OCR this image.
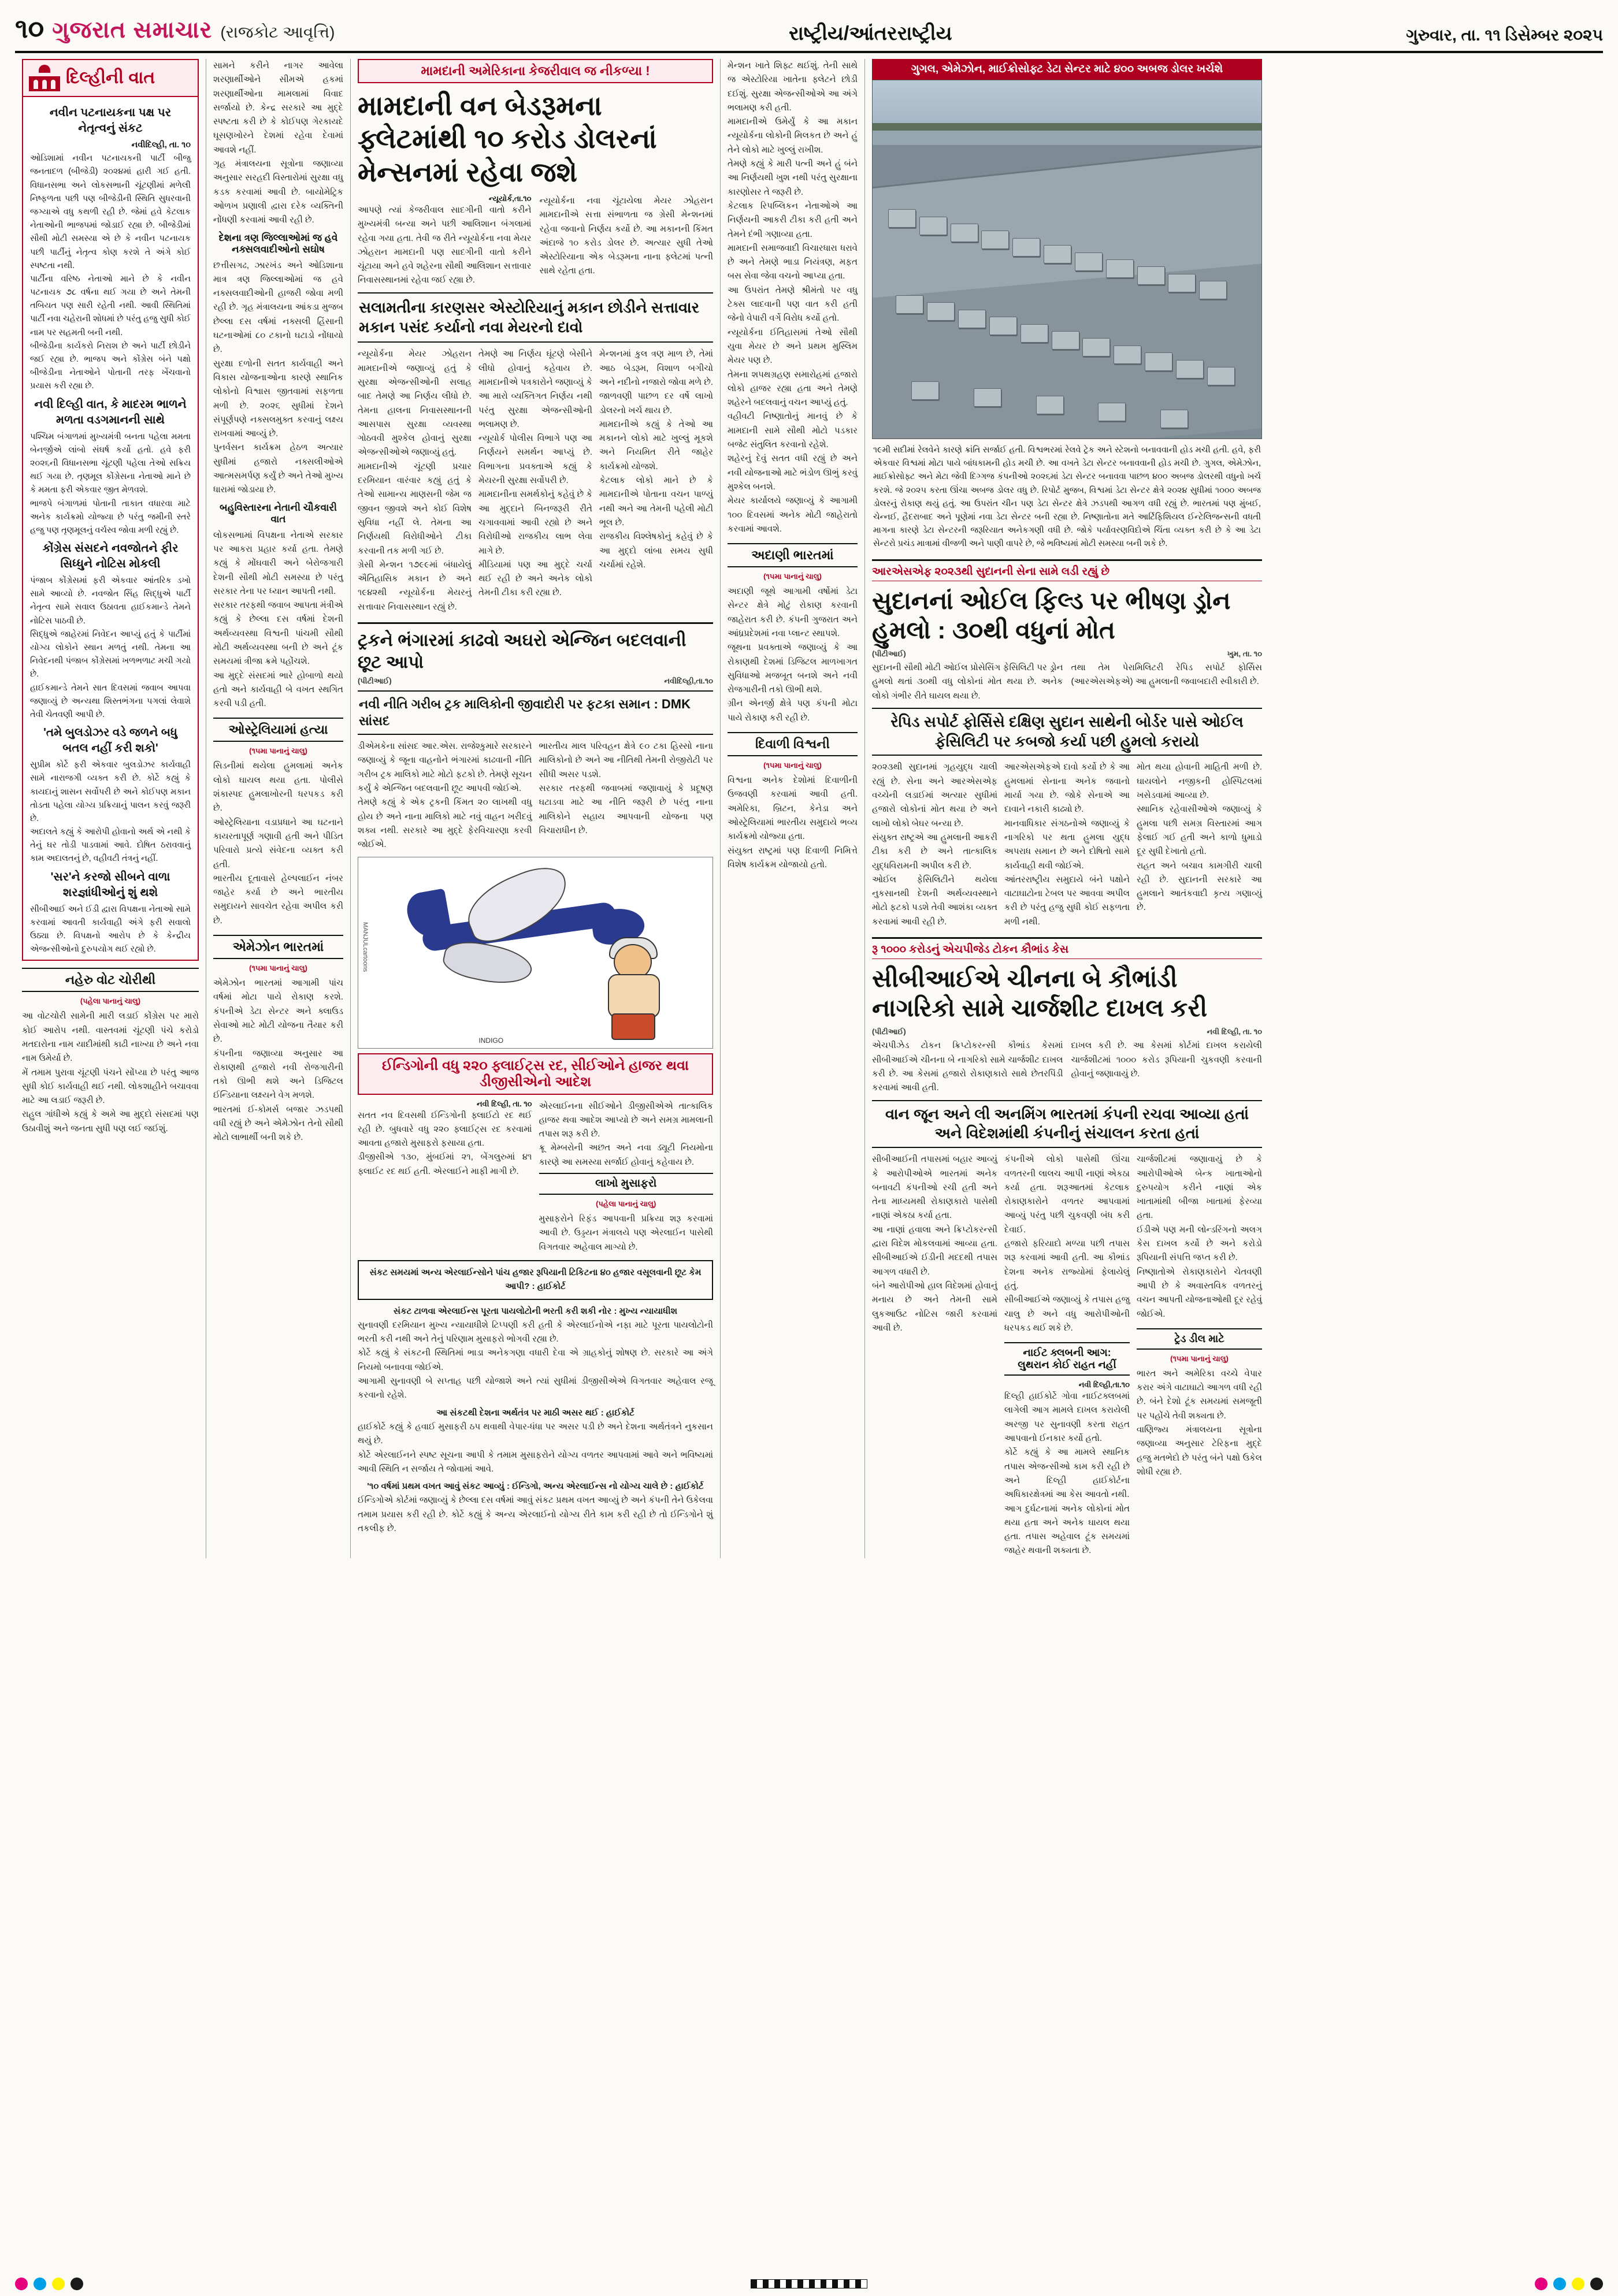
૧૦ ગુજરાત સમાચાર (રાજકોટ આવૃત્તિ)	રાષ્ટ્રીય/આંતરરાષ્ટ્રીય	ગુરુવાર, તા. ૧૧ ડિસેમ્બર ૨૦૨૫
દિલ્હીની વાત
નવીન પટનાયકના પક્ષ પર નેતૃત્વનું સંકટ
નવીદિલ્હી, તા. ૧૦
ઓડિશામાં નવીન પટનાયકની પાર્ટી બીજુ જનતાદળ (બીજેડી) ૨૦૨૪માં હારી ગઈ હતી. વિધાનસભા અને લોકસભાની ચૂંટણીમાં મળેલી નિષ્ફળતા પછી પણ બીજેડીની સ્થિતિ સુધરવાની જગ્યાએ વધુ કથળી રહી છે. જેમાં હવે કેટલાક નેતાઓની ભાજપમાં જોડાઈ રહ્યા છે. બીજેડીમાં સૌથી મોટી સમસ્યા એ છે કે નવીન પટનાયક પછી પાર્ટીનું નેતૃત્વ કોણ કરશે તે અંગે કોઈ સ્પષ્ટતા નથી.
પાર્ટીના વરિષ્ઠ નેતાઓ માને છે કે નવીન પટનાયક ૭૮ વર્ષના થઈ ગયા છે અને તેમની તબિયત પણ સારી રહેતી નથી. આવી સ્થિતિમાં પાર્ટી નવા ચહેરાની શોધમાં છે પરંતુ હજુ સુધી કોઈ નામ પર સહમતી બની નથી.
બીજેડીના કાર્યકરો નિરાશ છે અને પાર્ટી છોડીને જઈ રહ્યા છે. ભાજપ અને કોંગ્રેસ બંને પક્ષો બીજેડીના નેતાઓને પોતાની તરફ ખેંચવાનો પ્રયાસ કરી રહ્યા છે.
નવી દિલ્હી વાત, કે માદરમ ભાળને મળતા વડગમાનની સાથે
પશ્ચિમ બંગાળમાં મુખ્યમંત્રી બનતા પહેલા મમતા બેનર્જીએ લાંબો સંઘર્ષ કર્યો હતો. હવે ફરી ૨૦૨૬ની વિધાનસભા ચૂંટણી પહેલા તેઓ સક્રિય થઈ ગયા છે. તૃણમૂલ કોંગ્રેસના નેતાઓ માને છે કે મમતા ફરી એકવાર જીત મેળવશે.
ભાજપે બંગાળમાં પોતાની તાકાત વધારવા માટે અનેક કાર્યક્રમો યોજ્યા છે પરંતુ જમીની સ્તરે હજુ પણ તૃણમૂલનું વર્ચસ્વ જોવા મળી રહ્યું છે.
કોંગ્રેસ સંસદને નવજોતને ફીર સિધ્ધુને નોટિસ મોકલી
પંજાબ કોંગ્રેસમાં ફરી એકવાર આંતરિક ડખો સામે આવ્યો છે. નવજોત સિંહ સિદ્ધુએ પાર્ટી નેતૃત્વ સામે સવાલ ઉઠાવતા હાઈકમાન્ડે તેમને નોટિસ પાઠવી છે.
સિદ્ધુએ જાહેરમાં નિવેદન આપ્યું હતું કે પાર્ટીમાં યોગ્ય લોકોને સ્થાન મળતું નથી. તેમના આ નિવેદનથી પંજાબ કોંગ્રેસમાં ખળભળાટ મચી ગયો છે.
હાઈકમાન્ડે તેમને સાત દિવસમાં જવાબ આપવા જણાવ્યું છે અન્યથા શિસ્તભંગના પગલાં લેવાશે તેવી ચેતવણી આપી છે.
'તમે બુલડોઝર વડે જળને બધુ બતલ નહીં કરી શકો'
સુપ્રીમ કોર્ટે ફરી એકવાર બુલડોઝર કાર્યવાહી સામે નારાજગી વ્યક્ત કરી છે. કોર્ટે કહ્યું કે કાયદાનું શાસન સર્વોપરી છે અને કોઈપણ મકાન તોડતા પહેલા યોગ્ય પ્રક્રિયાનું પાલન કરવું જરૂરી છે.
અદાલતે કહ્યું કે આરોપી હોવાનો અર્થ એ નથી કે તેનું ઘર તોડી પાડવામાં આવે. દોષિત ઠરાવવાનું કામ અદાલતનું છે, વહીવટી તંત્રનું નહીં.
'સર'ને કરજો સીબને વાળા શરજ્ઞાંધીઓનું શું થશે
સીબીઆઈ અને ઈડી દ્વારા વિપક્ષના નેતાઓ સામે કરવામાં આવતી કાર્યવાહી અંગે ફરી સવાલો ઉઠ્યા છે. વિપક્ષનો આરોપ છે કે કેન્દ્રીય એજન્સીઓનો દુરુપયોગ થઈ રહ્યો છે.
નહેરુ વોટ ચોરીથી
(પહેલા પાનાનું ચાલુ)
આ વોટચોરી સામેની મારી લડાઈ કોંગ્રેસ પર મારો કોઈ આરોપ નથી. વાસ્તવમાં ચૂંટણી પંચે કરોડો મતદારોના નામ યાદીમાંથી કાઢી નાખ્યા છે અને નવા નામ ઉમેર્યા છે.
મેં તમામ પુરાવા ચૂંટણી પંચને સોંપ્યા છે પરંતુ આજ સુધી કોઈ કાર્યવાહી થઈ નથી. લોકશાહીને બચાવવા માટે આ લડાઈ જરૂરી છે.
રાહુલ ગાંધીએ કહ્યું કે અમે આ મુદ્દો સંસદમાં પણ ઉઠાવીશું અને જનતા સુધી પણ લઈ જઈશું.
સામને કરીને નાગર આવેલા શરણાર્થીઓને સીમએ હકમાં શરણાર્થીઓના મામલામાં વિવાદ સર્જાયો છે. કેન્દ્ર સરકારે આ મુદ્દે સ્પષ્ટતા કરી છે કે કોઈપણ ગેરકાયદે ઘૂસણખોરને દેશમાં રહેવા દેવામાં આવશે નહીં.
ગૃહ મંત્રાલયના સૂત્રોના જણાવ્યા અનુસાર સરહદી વિસ્તારોમાં સુરક્ષા વધુ કડક કરવામાં આવી છે. બાયોમેટ્રિક ઓળખ પ્રણાલી દ્વારા દરેક વ્યક્તિની નોંધણી કરવામાં આવી રહી છે.
દેશના ત્રણ જિલ્લાઓમાં જ હવે નક્સલવાદીઓનો સઘોષ
છત્તીસગઢ, ઝારખંડ અને ઓડિશાના માત્ર ત્રણ જિલ્લાઓમાં જ હવે નક્સલવાદીઓની હાજરી જોવા મળી રહી છે. ગૃહ મંત્રાલયના આંકડા મુજબ છેલ્લા દસ વર્ષમાં નક્સલી હિંસાની ઘટનાઓમાં ૮૦ ટકાનો ઘટાડો નોંધાયો છે.
સુરક્ષા દળોની સતત કાર્યવાહી અને વિકાસ યોજનાઓના કારણે સ્થાનિક લોકોનો વિશ્વાસ જીતવામાં સફળતા મળી છે. ૨૦૨૬ સુધીમાં દેશને સંપૂર્ણપણે નક્સલમુક્ત કરવાનું લક્ષ્ય રાખવામાં આવ્યું છે.
પુનર્વસન કાર્યક્રમ હેઠળ અત્યાર સુધીમાં હજારો નક્સલીઓએ આત્મસમર્પણ કર્યું છે અને તેઓ મુખ્ય ધારામાં જોડાયા છે.
બહુવિસ્તારના નેતાની ચૌકવારી વાત
લોકસભામાં વિપક્ષના નેતાએ સરકાર પર આકરા પ્રહાર કર્યા હતા. તેમણે કહ્યું કે મોંઘવારી અને બેરોજગારી દેશની સૌથી મોટી સમસ્યા છે પરંતુ સરકાર તેના પર ધ્યાન આપતી નથી.
સરકાર તરફથી જવાબ આપતા મંત્રીએ કહ્યું કે છેલ્લા દસ વર્ષમાં દેશની અર્થવ્યવસ્થા વિશ્વની પાંચમી સૌથી મોટી અર્થવ્યવસ્થા બની છે અને ટૂંક સમયમાં ત્રીજા ક્રમે પહોંચશે.
આ મુદ્દે સંસદમાં ભારે હોબાળો થયો હતો અને કાર્યવાહી બે વખત સ્થગિત કરવી પડી હતી.
ઓસ્ટ્રેલિયામાં હત્યા
(૧૫મા પાનાનું ચાલુ)
સિડનીમાં થયેલા હુમલામાં અનેક લોકો ઘાયલ થયા હતા. પોલીસે શંકાસ્પદ હુમલાખોરની ધરપકડ કરી છે.
ઓસ્ટ્રેલિયાના વડાપ્રધાને આ ઘટનાને કાયરતાપૂર્ણ ગણાવી હતી અને પીડિત પરિવારો પ્રત્યે સંવેદના વ્યક્ત કરી હતી.
ભારતીય દૂતાવાસે હેલ્પલાઈન નંબર જાહેર કર્યા છે અને ભારતીય સમુદાયને સાવચેત રહેવા અપીલ કરી છે.
એમેઝોન ભારતમાં
(૧૫મા પાનાનું ચાલુ)
એમેઝોન ભારતમાં આગામી પાંચ વર્ષમાં મોટા પાયે રોકાણ કરશે. કંપનીએ ડેટા સેન્ટર અને ક્લાઉડ સેવાઓ માટે મોટી યોજના તૈયાર કરી છે.
કંપનીના જણાવ્યા અનુસાર આ રોકાણથી હજારો નવી રોજગારીની તકો ઊભી થશે અને ડિજિટલ ઈન્ડિયાના લક્ષ્યને વેગ મળશે.
ભારતમાં ઈ-કોમર્સ બજાર ઝડપથી વધી રહ્યું છે અને એમેઝોન તેનો સૌથી મોટો લાભાર્થી બની શકે છે.
મામદાની અમેરિકાના કેજરીવાલ જ નીકળ્યા !
મામદાની વન બેડરૂમના ફ્લેટમાંથી ૧૦ કરોડ ડોલરનાં મેન્સનમાં રહેવા જશે
ન્યૂયોર્ક,તા.૧૦
આપણે ત્યાં કેજરીવાલ સાદગીની વાતો કરીને મુખ્યમંત્રી બન્યા અને પછી આલિશાન બંગલામાં રહેવા ગયા હતા. તેવી જ રીતે ન્યૂયોર્કના નવા મેયર ઝોહરાન મામદાની પણ સાદગીની વાતો કરીને ચૂંટાયા અને હવે શહેરના સૌથી આલિશાન સત્તાવાર નિવાસસ્થાનમાં રહેવા જઈ રહ્યા છે.
ન્યૂયોર્કના નવા ચૂંટાયેલા મેયર ઝોહરાન મામદાનીએ સત્તા સંભાળતા જ ગ્રેસી મેન્શનમાં રહેવા જવાનો નિર્ણય કર્યો છે. આ મકાનની કિંમત અંદાજે ૧૦ કરોડ ડોલર છે. અત્યાર સુધી તેઓ એસ્ટોરિયાના એક બેડરૂમના નાના ફ્લેટમાં પત્ની સાથે રહેતા હતા.
સલામતીના કારણસર એસ્ટોરિયાનું મકાન છોડીને સત્તાવાર મકાન પસંદ કર્યાનો નવા મેયરનો દાવો
ન્યૂયોર્કના મેયર ઝોહરાન મામદાનીએ જણાવ્યું હતું કે સુરક્ષા એજન્સીઓની સલાહ બાદ તેમણે આ નિર્ણય લીધો છે. તેમના હાલના નિવાસસ્થાનની આસપાસ સુરક્ષા વ્યવસ્થા ગોઠવવી મુશ્કેલ હોવાનું સુરક્ષા એજન્સીઓએ જણાવ્યું હતું.
મામદાનીએ ચૂંટણી પ્રચાર દરમિયાન વારંવાર કહ્યું હતું કે તેઓ સામાન્ય માણસની જેમ જ જીવન જીવશે અને કોઈ વિશેષ સુવિધા નહીં લે. તેમના આ નિર્ણયથી વિરોધીઓને ટીકા કરવાની તક મળી ગઈ છે.
ગ્રેસી મેન્શન ૧૭૯૯માં બંધાયેલું ઐતિહાસિક મકાન છે અને ૧૯૪૨થી ન્યૂયોર્કના મેયરનું સત્તાવાર નિવાસસ્થાન રહ્યું છે.
તેમણે આ નિર્ણય ઘૂંટણે બેસીને લીધો હોવાનું કહેવાય છે. મામદાનીએ પત્રકારોને જણાવ્યું કે આ મારો વ્યક્તિગત નિર્ણય નથી પરંતુ સુરક્ષા એજન્સીઓની ભલામણ છે.
ન્યૂયોર્ક પોલીસ વિભાગે પણ આ નિર્ણયને સમર્થન આપ્યું છે. વિભાગના પ્રવક્તાએ કહ્યું કે મેયરની સુરક્ષા સર્વોપરી છે.
મામદાનીના સમર્થકોનું કહેવું છે કે આ મુદ્દાને બિનજરૂરી રીતે ચગાવવામાં આવી રહ્યો છે અને વિરોધીઓ રાજકીય લાભ લેવા માગે છે.
મીડિયામાં પણ આ મુદ્દે ચર્ચા થઈ રહી છે અને અનેક લોકો તેમની ટીકા કરી રહ્યા છે.
મેન્શનમાં કુલ ત્રણ માળ છે, તેમાં આઠ બેડરૂમ, વિશાળ બગીચો અને નદીનો નજારો જોવા મળે છે. જાળવણી પાછળ દર વર્ષે લાખો ડોલરનો ખર્ચ થાય છે.
મામદાનીએ કહ્યું કે તેઓ આ મકાનને લોકો માટે ખુલ્લું મૂકશે અને નિયમિત રીતે જાહેર કાર્યક્રમો યોજશે.
કેટલાક લોકો માને છે કે મામદાનીએ પોતાના વચન પાળ્યું નથી અને આ તેમની પહેલી મોટી ભૂલ છે.
રાજકીય વિશ્લેષકોનું કહેવું છે કે આ મુદ્દો લાંબા સમય સુધી ચર્ચામાં રહેશે.
ટ્રકને ભંગારમાં કાઢવો અઘરો એન્જિન બદલવાની છૂટ આપો
(પીટીઆઈ)	નવીદિલ્હી,તા.૧૦
નવી નીતિ ગરીબ ટ્રક માલિકોની જીવાદોરી પર ફટકા સમાન : DMK સાંસદ
ડીએમકેના સાંસદ આર.એસ. રાજેશ્કુમારે સરકારને જણાવ્યું કે જૂના વાહનોને ભંગારમાં કાઢવાની નીતિ ગરીબ ટ્રક માલિકો માટે મોટો ફટકો છે. તેમણે સૂચન કર્યું કે એન્જિન બદલવાની છૂટ આપવી જોઈએ.
તેમણે કહ્યું કે એક ટ્રકની કિંમત ૨૦ લાખથી વધુ હોય છે અને નાના માલિકો માટે નવું વાહન ખરીદવું શક્ય નથી. સરકારે આ મુદ્દે ફેરવિચારણા કરવી જોઈએ.
ભારતીય માલ પરિવહન ક્ષેત્રે ૯૦ ટકા હિસ્સો નાના માલિકોનો છે અને આ નીતિથી તેમની રોજીરોટી પર સીધી અસર પડશે.
સરકાર તરફથી જવાબમાં જણાવાયું કે પ્રદૂષણ ઘટાડવા માટે આ નીતિ જરૂરી છે પરંતુ નાના માલિકોને સહાય આપવાની યોજના પણ વિચારાધીન છે.
MANJULcartoons
INDIGO
ઈન્ડિગોની વધુ ૨૨૦ ફ્લાઈટ્સ રદ, સીઈઓને હાજર થવા ડીજીસીએનો આદેશ
નવી દિલ્હી, તા. ૧૦
સતત નવ દિવસથી ઈન્ડિગોની ફ્લાઈટો રદ થઈ રહી છે. બુધવારે વધુ ૨૨૦ ફ્લાઈટ્સ રદ કરવામાં આવતા હજારો મુસાફરો ફસાયા હતા.
ડીજીસીએ ૧૩૦, મુંબઈમાં ૨૧, બેંગલુરુમાં ૪૧ ફ્લાઈટ રદ થઈ હતી. એરલાઈને માફી માગી છે.
એરલાઈનના સીઈઓને ડીજીસીએએ તાત્કાલિક હાજર થવા આદેશ આપ્યો છે અને સમગ્ર મામલાની તપાસ શરૂ કરી છે.
ક્રૂ મેમ્બરોની અછત અને નવા ડ્યૂટી નિયમોના કારણે આ સમસ્યા સર્જાઈ હોવાનું કહેવાય છે.
લાખો મુસાફરો
(પહેલા પાનાનું ચાલુ)
મુસાફરોને રિફંડ આપવાની પ્રક્રિયા શરૂ કરવામાં આવી છે. ઉડ્ડયન મંત્રાલયે પણ એરલાઈન પાસેથી વિગતવાર અહેવાલ માગ્યો છે.
સંકટ સમયમાં અન્ય એરલાઈન્સોને પાંચ હજાર રૂપિયાની ટિકિટના ૪૦ હજાર વસૂલવાની છૂટ કેમ આપી? : હાઈકોર્ટ
સંકટ ટાળવા એરલાઈન્સ પૂરતા પાયલોટોની ભરતી કરી શકી નોર : મુખ્ય ન્યાયાધીશ
સુનાવણી દરમિયાન મુખ્ય ન્યાયાધીશે ટિપ્પણી કરી હતી કે એરલાઈનોએ નફા માટે પૂરતા પાયલોટોની ભરતી કરી નથી અને તેનું પરિણામ મુસાફરો ભોગવી રહ્યા છે.
કોર્ટે કહ્યું કે સંકટની સ્થિતિમાં ભાડા અનેકગણા વધારી દેવા એ ગ્રાહકોનું શોષણ છે. સરકારે આ અંગે નિયમો બનાવવા જોઈએ.
આગામી સુનાવણી બે સપ્તાહ પછી યોજાશે અને ત્યાં સુધીમાં ડીજીસીએએ વિગતવાર અહેવાલ રજૂ કરવાનો રહેશે.
આ સંકટથી દેશના અર્થતંત્ર પર માઠી અસર થઈ : હાઈકોર્ટ
હાઈકોર્ટે કહ્યું કે હવાઈ મુસાફરી ઠપ થવાથી વેપાર-ધંધા પર અસર પડી છે અને દેશના અર્થતંત્રને નુકસાન થયું છે.
કોર્ટે એરલાઈનને સ્પષ્ટ સૂચના આપી કે તમામ મુસાફરોને યોગ્ય વળતર આપવામાં આવે અને ભવિષ્યમાં આવી સ્થિતિ ન સર્જાય તે જોવામાં આવે.
'૧૦ વર્ષમાં પ્રથમ વખત આવું સંકટ આવ્યું : ઈન્ડિગો, અન્ય એરલાઈન્સ નો યોગ્ય ચાલે છે : હાઈકોર્ટ
ઈન્ડિગોએ કોર્ટમાં જણાવ્યું કે છેલ્લા દસ વર્ષમાં આવું સંકટ પ્રથમ વખત આવ્યું છે અને કંપની તેને ઉકેલવા તમામ પ્રયાસ કરી રહી છે. કોર્ટે કહ્યું કે અન્ય એરલાઈનો યોગ્ય રીતે કામ કરી રહી છે તો ઈન્ડિગોને શું તકલીફ છે.
મેન્શન ખાતે શિફ્ટ થઈશું. તેની સાથે જ એસ્ટોરિયા ખાતેના ફ્લેટને છોડી દઈશું. સુરક્ષા એજન્સીઓએ આ અંગે ભલામણ કરી હતી.
મામદાનીએ ઉમેર્યું કે આ મકાન ન્યૂયોર્કના લોકોની મિલકત છે અને હું તેને લોકો માટે ખુલ્લું રાખીશ.
તેમણે કહ્યું કે મારી પત્ની અને હું બંને આ નિર્ણયથી ખુશ નથી પરંતુ સુરક્ષાના કારણોસર તે જરૂરી છે.
કેટલાક રિપબ્લિકન નેતાઓએ આ નિર્ણયની આકરી ટીકા કરી હતી અને તેમને દંભી ગણાવ્યા હતા.
મામદાની સમાજવાદી વિચારધારા ધરાવે છે અને તેમણે ભાડા નિયંત્રણ, મફત બસ સેવા જેવા વચનો આપ્યા હતા.
આ ઉપરાંત તેમણે શ્રીમંતો પર વધુ ટેક્સ લાદવાની પણ વાત કરી હતી જેનો વેપારી વર્ગે વિરોધ કર્યો હતો.
ન્યૂયોર્કના ઈતિહાસમાં તેઓ સૌથી યુવા મેયર છે અને પ્રથમ મુસ્લિમ મેયર પણ છે.
તેમના શપથગ્રહણ સમારોહમાં હજારો લોકો હાજર રહ્યા હતા અને તેમણે શહેરને બદલવાનું વચન આપ્યું હતું.
વહીવટી નિષ્ણાતોનું માનવું છે કે મામદાની સામે સૌથી મોટો પડકાર બજેટ સંતુલિત કરવાનો રહેશે.
શહેરનું દેવું સતત વધી રહ્યું છે અને નવી યોજનાઓ માટે ભંડોળ ઊભું કરવું મુશ્કેલ બનશે.
મેયર કાર્યાલયે જણાવ્યું કે આગામી ૧૦૦ દિવસમાં અનેક મોટી જાહેરાતો કરવામાં આવશે.
અદાણી ભારતમાં
(૧૫મા પાનાનું ચાલુ)
અદાણી જૂથે આગામી વર્ષોમાં ડેટા સેન્ટર ક્ષેત્રે મોટું રોકાણ કરવાની જાહેરાત કરી છે. કંપની ગુજરાત અને આંધ્રપ્રદેશમાં નવા પ્લાન્ટ સ્થાપશે.
જૂથના પ્રવક્તાએ જણાવ્યું કે આ રોકાણથી દેશમાં ડિજિટલ માળખાગત સુવિધાઓ મજબૂત બનશે અને નવી રોજગારીની તકો ઊભી થશે.
ગ્રીન એનર્જી ક્ષેત્રે પણ કંપની મોટા પાયે રોકાણ કરી રહી છે.
દિવાળી વિશ્વની
(૧૫મા પાનાનું ચાલુ)
વિશ્વના અનેક દેશોમાં દિવાળીની ઉજવણી કરવામાં આવી હતી. અમેરિકા, બ્રિટન, કેનેડા અને ઓસ્ટ્રેલિયામાં ભારતીય સમુદાયે ભવ્ય કાર્યક્રમો યોજ્યા હતા.
સંયુક્ત રાષ્ટ્રમાં પણ દિવાળી નિમિત્તે વિશેષ કાર્યક્રમ યોજાયો હતો.
ગુગલ, એમેઝોન, માઈક્રોસોફ્ટ ડેટા સેન્ટર માટે ૪૦૦ અબજ ડોલર ખર્ચશે
૧૯મી સદીમાં રેલવેને કારણે ક્રાંતિ સર્જાઈ હતી. વિશ્વભરમાં રેલવે ટ્રેક અને સ્ટેશનો બનાવવાની હોડ મચી હતી. હવે, ફરી એકવાર વિશ્વમાં મોટા પાયે બાંધકામની હોડ મચી છે. આ વખતે ડેટા સેન્ટર બનાવવાની હોડ મચી છે. ગુગલ, એમેઝોન, માઈક્રોસોફ્ટ અને મેટા જેવી દિગ્ગજ કંપનીઓ ૨૦૨૬માં ડેટા સેન્ટર બનાવવા પાછળ ૪૦૦ અબજ ડોલરથી વધુનો ખર્ચ કરશે. જે ૨૦૨૫ કરતા ઊંચા અબજ ડોલર વધુ છે. રિપોર્ટ મુજબ, વિશ્વમાં ડેટા સેન્ટર ક્ષેત્રે ૨૦૨૪ સુધીમાં ૧૦૦૦ અબજ ડોલરનું રોકાણ થયું હતું. આ ઉપરાંત ચીન પણ ડેટા સેન્ટર ક્ષેત્રે ઝડપથી આગળ વધી રહ્યું છે. ભારતમાં પણ મુંબઈ, ચેન્નઈ, હૈદરાબાદ અને પૂણેમાં નવા ડેટા સેન્ટર બની રહ્યા છે. નિષ્ણાતોના મતે આર્ટિફિશિયલ ઈન્ટેલિજન્સની વધતી માગના કારણે ડેટા સેન્ટરની જરૂરિયાત અનેકગણી વધી છે. જોકે પર્યાવરણવિદોએ ચિંતા વ્યક્ત કરી છે કે આ ડેટા સેન્ટરો પ્રચંડ માત્રામાં વીજળી અને પાણી વાપરે છે, જે ભવિષ્યમાં મોટી સમસ્યા બની શકે છે.
આરએસએફ ૨૦૨૩થી સુદાનની સેના સામે લડી રહ્યું છે
સુદાનનાં ઓઈલ ફિલ્ડ પર ભીષણ ડ્રોન હુમલો : ૩૦થી વધુનાં મોત
(પીટીઆઈ)	ખુમ, તા. ૧૦
સુદાનની સૌથી મોટી ઓઈલ પ્રોસેસિંગ ફેસિલિટી પર ડ્રોન હુમલો થતાં ૩૦થી વધુ લોકોનાં મોત થયા છે. અનેક લોકો ગંભીર રીતે ઘાયલ થયા છે.
તથા તેમ પેરામિલિટરી રેપિડ સપોર્ટ ફોર્સિસ (આરએસએફએ) આ હુમલાની જવાબદારી સ્વીકારી છે.
રેપિડ સપોર્ટ ફોર્સિસે દક્ષિણ સુદાન સાથેની બોર્ડર પાસે ઓઈલ ફેસિલિટી પર કબજો કર્યા પછી હુમલો કરાયો
૨૦૨૩થી સુદાનમાં ગૃહયુદ્ધ ચાલી રહ્યું છે. સેના અને આરએસએફ વચ્ચેની લડાઈમાં અત્યાર સુધીમાં હજારો લોકોનાં મોત થયા છે અને લાખો લોકો બેઘર બન્યા છે.
સંયુક્ત રાષ્ટ્રએ આ હુમલાની આકરી ટીકા કરી છે અને તાત્કાલિક યુદ્ધવિરામની અપીલ કરી છે.
ઓઈલ ફેસિલિટીને થયેલા નુકસાનથી દેશની અર્થવ્યવસ્થાને મોટો ફટકો પડશે તેવી આશંકા વ્યક્ત કરવામાં આવી રહી છે.
આરએસએફએ દાવો કર્યો છે કે આ હુમલામાં સેનાના અનેક જવાનો માર્યા ગયા છે. જોકે સેનાએ આ દાવાને નકારી કાઢ્યો છે.
માનવાધિકાર સંગઠનોએ જણાવ્યું કે નાગરિકો પર થતા હુમલા યુદ્ધ અપરાધ સમાન છે અને દોષિતો સામે કાર્યવાહી થવી જોઈએ.
આંતરરાષ્ટ્રીય સમુદાયે બંને પક્ષોને વાટાઘાટોના ટેબલ પર આવવા અપીલ કરી છે પરંતુ હજુ સુધી કોઈ સફળતા મળી નથી.
મોત થયા હોવાની માહિતી મળી છે. ઘાયલોને નજીકની હોસ્પિટલમાં ખસેડવામાં આવ્યા છે.
સ્થાનિક રહેવાસીઓએ જણાવ્યું કે હુમલા પછી સમગ્ર વિસ્તારમાં આગ ફેલાઈ ગઈ હતી અને કાળો ધુમાડો દૂર સુધી દેખાતો હતો.
રાહત અને બચાવ કામગીરી ચાલી રહી છે. સુદાનની સરકારે આ હુમલાને આતંકવાદી કૃત્ય ગણાવ્યું છે.
રૂ ૧૦૦૦ કરોડનું એચપીજેડ ટોકન કૌભાંડ કેસ
સીબીઆઈએ ચીનના બે કૌભાંડી નાગરિકો સામે ચાર્જશીટ દાખલ કરી
(પીટીઆઈ)	નવી દિલ્હી, તા. ૧૦
એચપીઝેડ ટોકન ક્રિપ્ટોકરન્સી કૌભાંડ કેસમાં સીબીઆઈએ ચીનના બે નાગરિકો સામે ચાર્જશીટ દાખલ કરી છે. આ કેસમાં હજારો રોકાણકારો સાથે છેતરપિંડી કરવામાં આવી હતી.
દાખલ કરી છે. આ કેસમાં કોર્ટમાં દાખલ કરાયેલી ચાર્જશીટમાં ૧૦૦૦ કરોડ રૂપિયાની ચુકવણી કરવાની હોવાનું જણાવાયું છે.
વાન જૂન અને લી અનમિંગ ભારતમાં કંપની રચવા આવ્યા હતાં અને વિદેશમાંથી કંપનીનું સંચાલન કરતા હતાં
સીબીઆઈની તપાસમાં બહાર આવ્યું કે આરોપીઓએ ભારતમાં અનેક બનાવટી કંપનીઓ રચી હતી અને તેના માધ્યમથી રોકાણકારો પાસેથી નાણાં એકઠા કર્યા હતા.
આ નાણાં હવાલા અને ક્રિપ્ટોકરન્સી દ્વારા વિદેશ મોકલવામાં આવ્યા હતા. સીબીઆઈએ ઈડીની મદદથી તપાસ આગળ વધારી છે.
બંને આરોપીઓ હાલ વિદેશમાં હોવાનું મનાય છે અને તેમની સામે લુકઆઉટ નોટિસ જારી કરવામાં આવી છે.
કંપનીએ લોકો પાસેથી ઊંચા વળતરની લાલચ આપી નાણાં એકઠા કર્યા હતા. શરૂઆતમાં કેટલાક રોકાણકારોને વળતર આપવામાં આવ્યું પરંતુ પછી ચુકવણી બંધ કરી દેવાઈ.
હજારો ફરિયાદો મળ્યા પછી તપાસ શરૂ કરવામાં આવી હતી. આ કૌભાંડ દેશના અનેક રાજ્યોમાં ફેલાયેલું હતું.
સીબીઆઈએ જણાવ્યું કે તપાસ હજુ ચાલુ છે અને વધુ આરોપીઓની ધરપકડ થઈ શકે છે.
નાઈટ ક્લબની આગ: લુથરાન કોઈ રાહત નહીં
નવી દિલ્હી,તા.૧૦
દિલ્હી હાઈકોર્ટે ગોવા નાઈટક્લબમાં લાગેલી આગ મામલે દાખલ કરાયેલી અરજી પર સુનાવણી કરતા રાહત આપવાનો ઈનકાર કર્યો હતો.
કોર્ટે કહ્યું કે આ મામલે સ્થાનિક તપાસ એજન્સીઓ કામ કરી રહી છે અને દિલ્હી હાઈકોર્ટના અધિકારક્ષેત્રમાં આ કેસ આવતો નથી.
આગ દુર્ઘટનામાં અનેક લોકોનાં મોત થયા હતા અને અનેક ઘાયલ થયા હતા. તપાસ અહેવાલ ટૂંક સમયમાં જાહેર થવાની શક્યતા છે.
ચાર્જશીટમાં જણાવાયું છે કે આરોપીઓએ બેન્ક ખાતાઓનો દુરુપયોગ કરીને નાણાં એક ખાતામાંથી બીજા ખાતામાં ફેરવ્યા હતા.
ઈડીએ પણ મની લોન્ડરિંગનો અલગ કેસ દાખલ કર્યો છે અને કરોડો રૂપિયાની સંપત્તિ જપ્ત કરી છે.
નિષ્ણાતોએ રોકાણકારોને ચેતવણી આપી છે કે અવાસ્તવિક વળતરનું વચન આપતી યોજનાઓથી દૂર રહેવું જોઈએ.
ટ્રેડ ડીલ માટે
(૧૫મા પાનાનું ચાલુ)
ભારત અને અમેરિકા વચ્ચે વેપાર કરાર અંગે વાટાઘાટો આગળ વધી રહી છે. બંને દેશો ટૂંક સમયમાં સમજૂતી પર પહોંચે તેવી શક્યતા છે.
વાણિજ્ય મંત્રાલયના સૂત્રોના જણાવ્યા અનુસાર ટેરિફના મુદ્દે હજુ મતભેદો છે પરંતુ બંને પક્ષો ઉકેલ શોધી રહ્યા છે.
